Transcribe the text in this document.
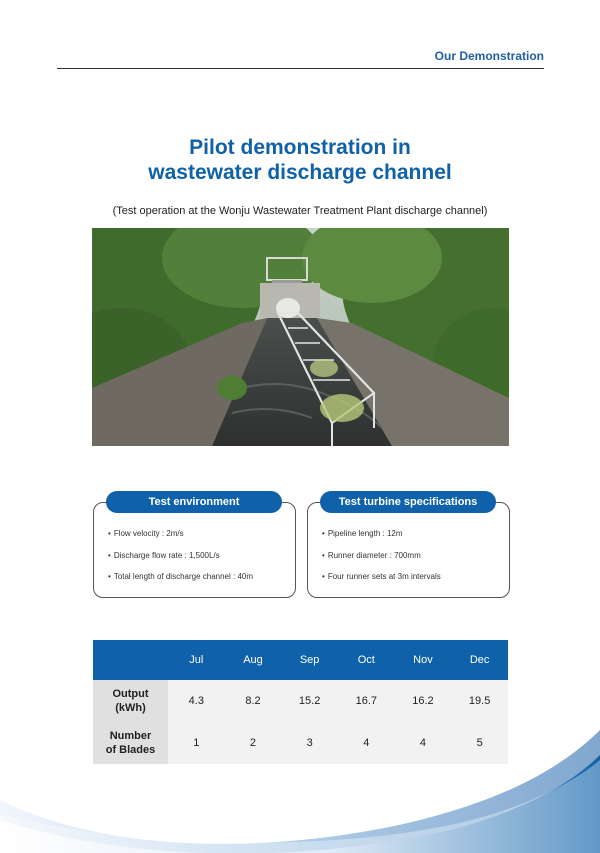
Our Demonstration
Pilot demonstration in
wastewater discharge channel
(Test operation at the Wonju Wastewater Treatment Plant discharge channel)
• Flow velocity : 2m/s
• Discharge flow rate : 1,500L/s
• Total length of discharge channel : 40m
Test environment
• Pipeline length : 12m
• Runner diameter : 700mm
• Four runner sets at 3m intervals
Test turbine specifications
	Jul	Aug	Sep	Oct	Nov	Dec
Output
(kWh)	4.3	8.2	15.2	16.7	16.2	19.5
Number
of Blades	1	2	3	4	4	5
